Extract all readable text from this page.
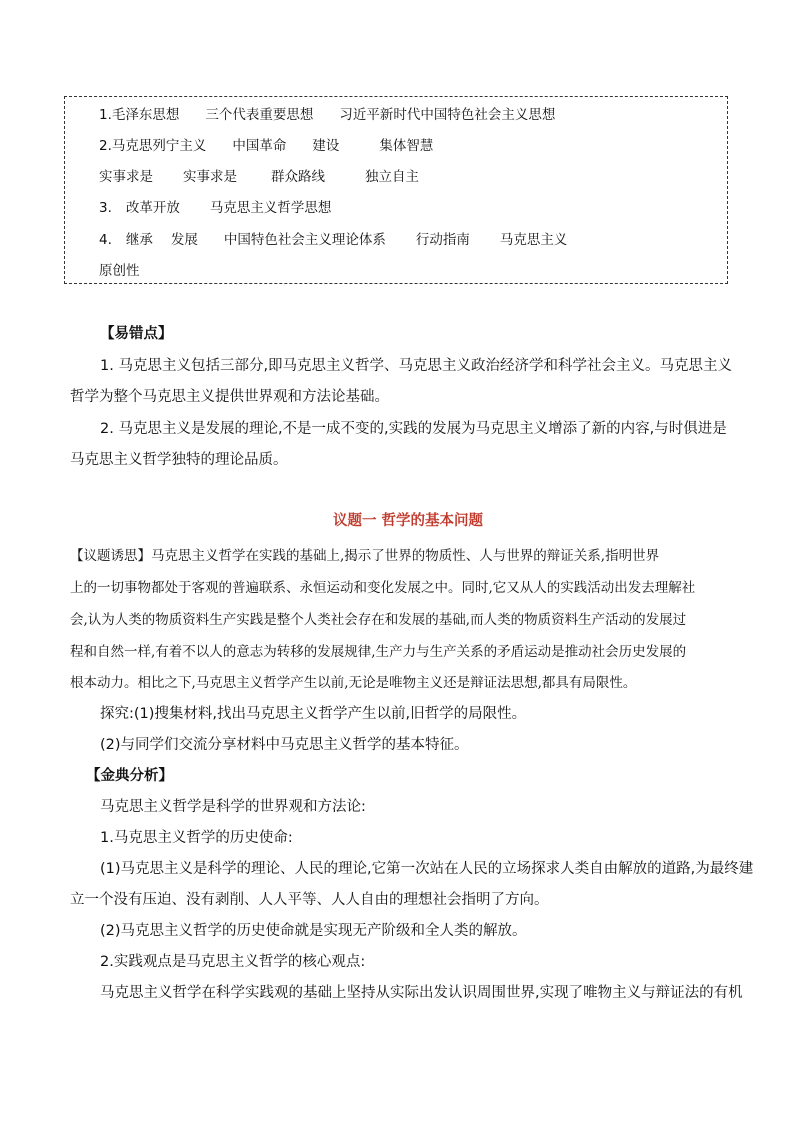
1.毛泽东思想 三个代表重要思想 习近平新时代中国特色社会主义思想
2.马克思列宁主义 中国革命 建设	集体智慧
实事求是 实事求是	群众路线	独立自主
3. 改革开放 马克思主义哲学思想
4. 继承 发展 中国特色社会主义理论体系 行动指南 马克思主义
原创性
【易错点】
1. 马克思主义包括三部分,即马克思主义哲学、马克思主义政治经济学和科学社会主义。马克思主义
哲学为整个马克思主义提供世界观和方法论基础。
2. 马克思主义是发展的理论,不是一成不变的,实践的发展为马克思主义增添了新的内容,与时俱进是
马克思主义哲学独特的理论品质。
议题一 哲学的基本问题
【议题诱思】马克思主义哲学在实践的基础上,揭示了世界的物质性、人与世界的辩证关系,指明世界
上的一切事物都处于客观的普遍联系、永恒运动和变化发展之中。同时,它又从人的实践活动出发去理解社
会,认为人类的物质资料生产实践是整个人类社会存在和发展的基础,而人类的物质资料生产活动的发展过
程和自然一样,有着不以人的意志为转移的发展规律,生产力与生产关系的矛盾运动是推动社会历史发展的
根本动力。相比之下,马克思主义哲学产生以前,无论是唯物主义还是辩证法思想,都具有局限性。
探究:(1)搜集材料,找出马克思主义哲学产生以前,旧哲学的局限性。
(2)与同学们交流分享材料中马克思主义哲学的基本特征。
【金典分析】
马克思主义哲学是科学的世界观和方法论:
1.马克思主义哲学的历史使命:
(1)马克思主义是科学的理论、人民的理论,它第一次站在人民的立场探求人类自由解放的道路,为最终建
立一个没有压迫、没有剥削、人人平等、人人自由的理想社会指明了方向。
(2)马克思主义哲学的历史使命就是实现无产阶级和全人类的解放。
2.实践观点是马克思主义哲学的核心观点:
马克思主义哲学在科学实践观的基础上坚持从实际出发认识周围世界,实现了唯物主义与辩证法的有机
